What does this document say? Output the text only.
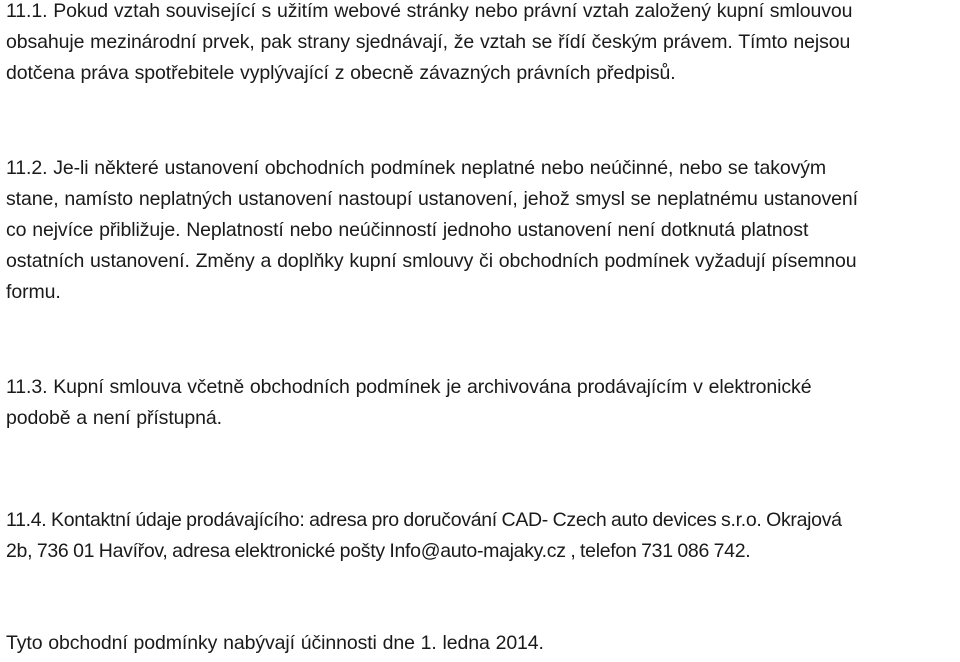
11.1. Pokud vztah související s užitím webové stránky nebo právní vztah založený kupní smlouvou
obsahuje mezinárodní prvek, pak strany sjednávají, že vztah se řídí českým právem. Tímto nejsou
dotčena práva spotřebitele vyplývající z obecně závazných právních předpisů.

11.2. Je-li některé ustanovení obchodních podmínek neplatné nebo neúčinné, nebo se takovým
stane, namísto neplatných ustanovení nastoupí ustanovení, jehož smysl se neplatnému ustanovení
co nejvíce přibližuje. Neplatností nebo neúčinností jednoho ustanovení není dotknutá platnost
ostatních ustanovení. Změny a doplňky kupní smlouvy či obchodních podmínek vyžadují písemnou
formu.

11.3. Kupní smlouva včetně obchodních podmínek je archivována prodávajícím v elektronické
podobě a není přístupná.

11.4. Kontaktní údaje prodávajícího: adresa pro doručování CAD- Czech auto devices s.r.o. Okrajová
2b, 736 01 Havířov, adresa elektronické pošty Info@auto-majaky.cz , telefon 731 086 742.

Tyto obchodní podmínky nabývají účinnosti dne 1. ledna 2014.
